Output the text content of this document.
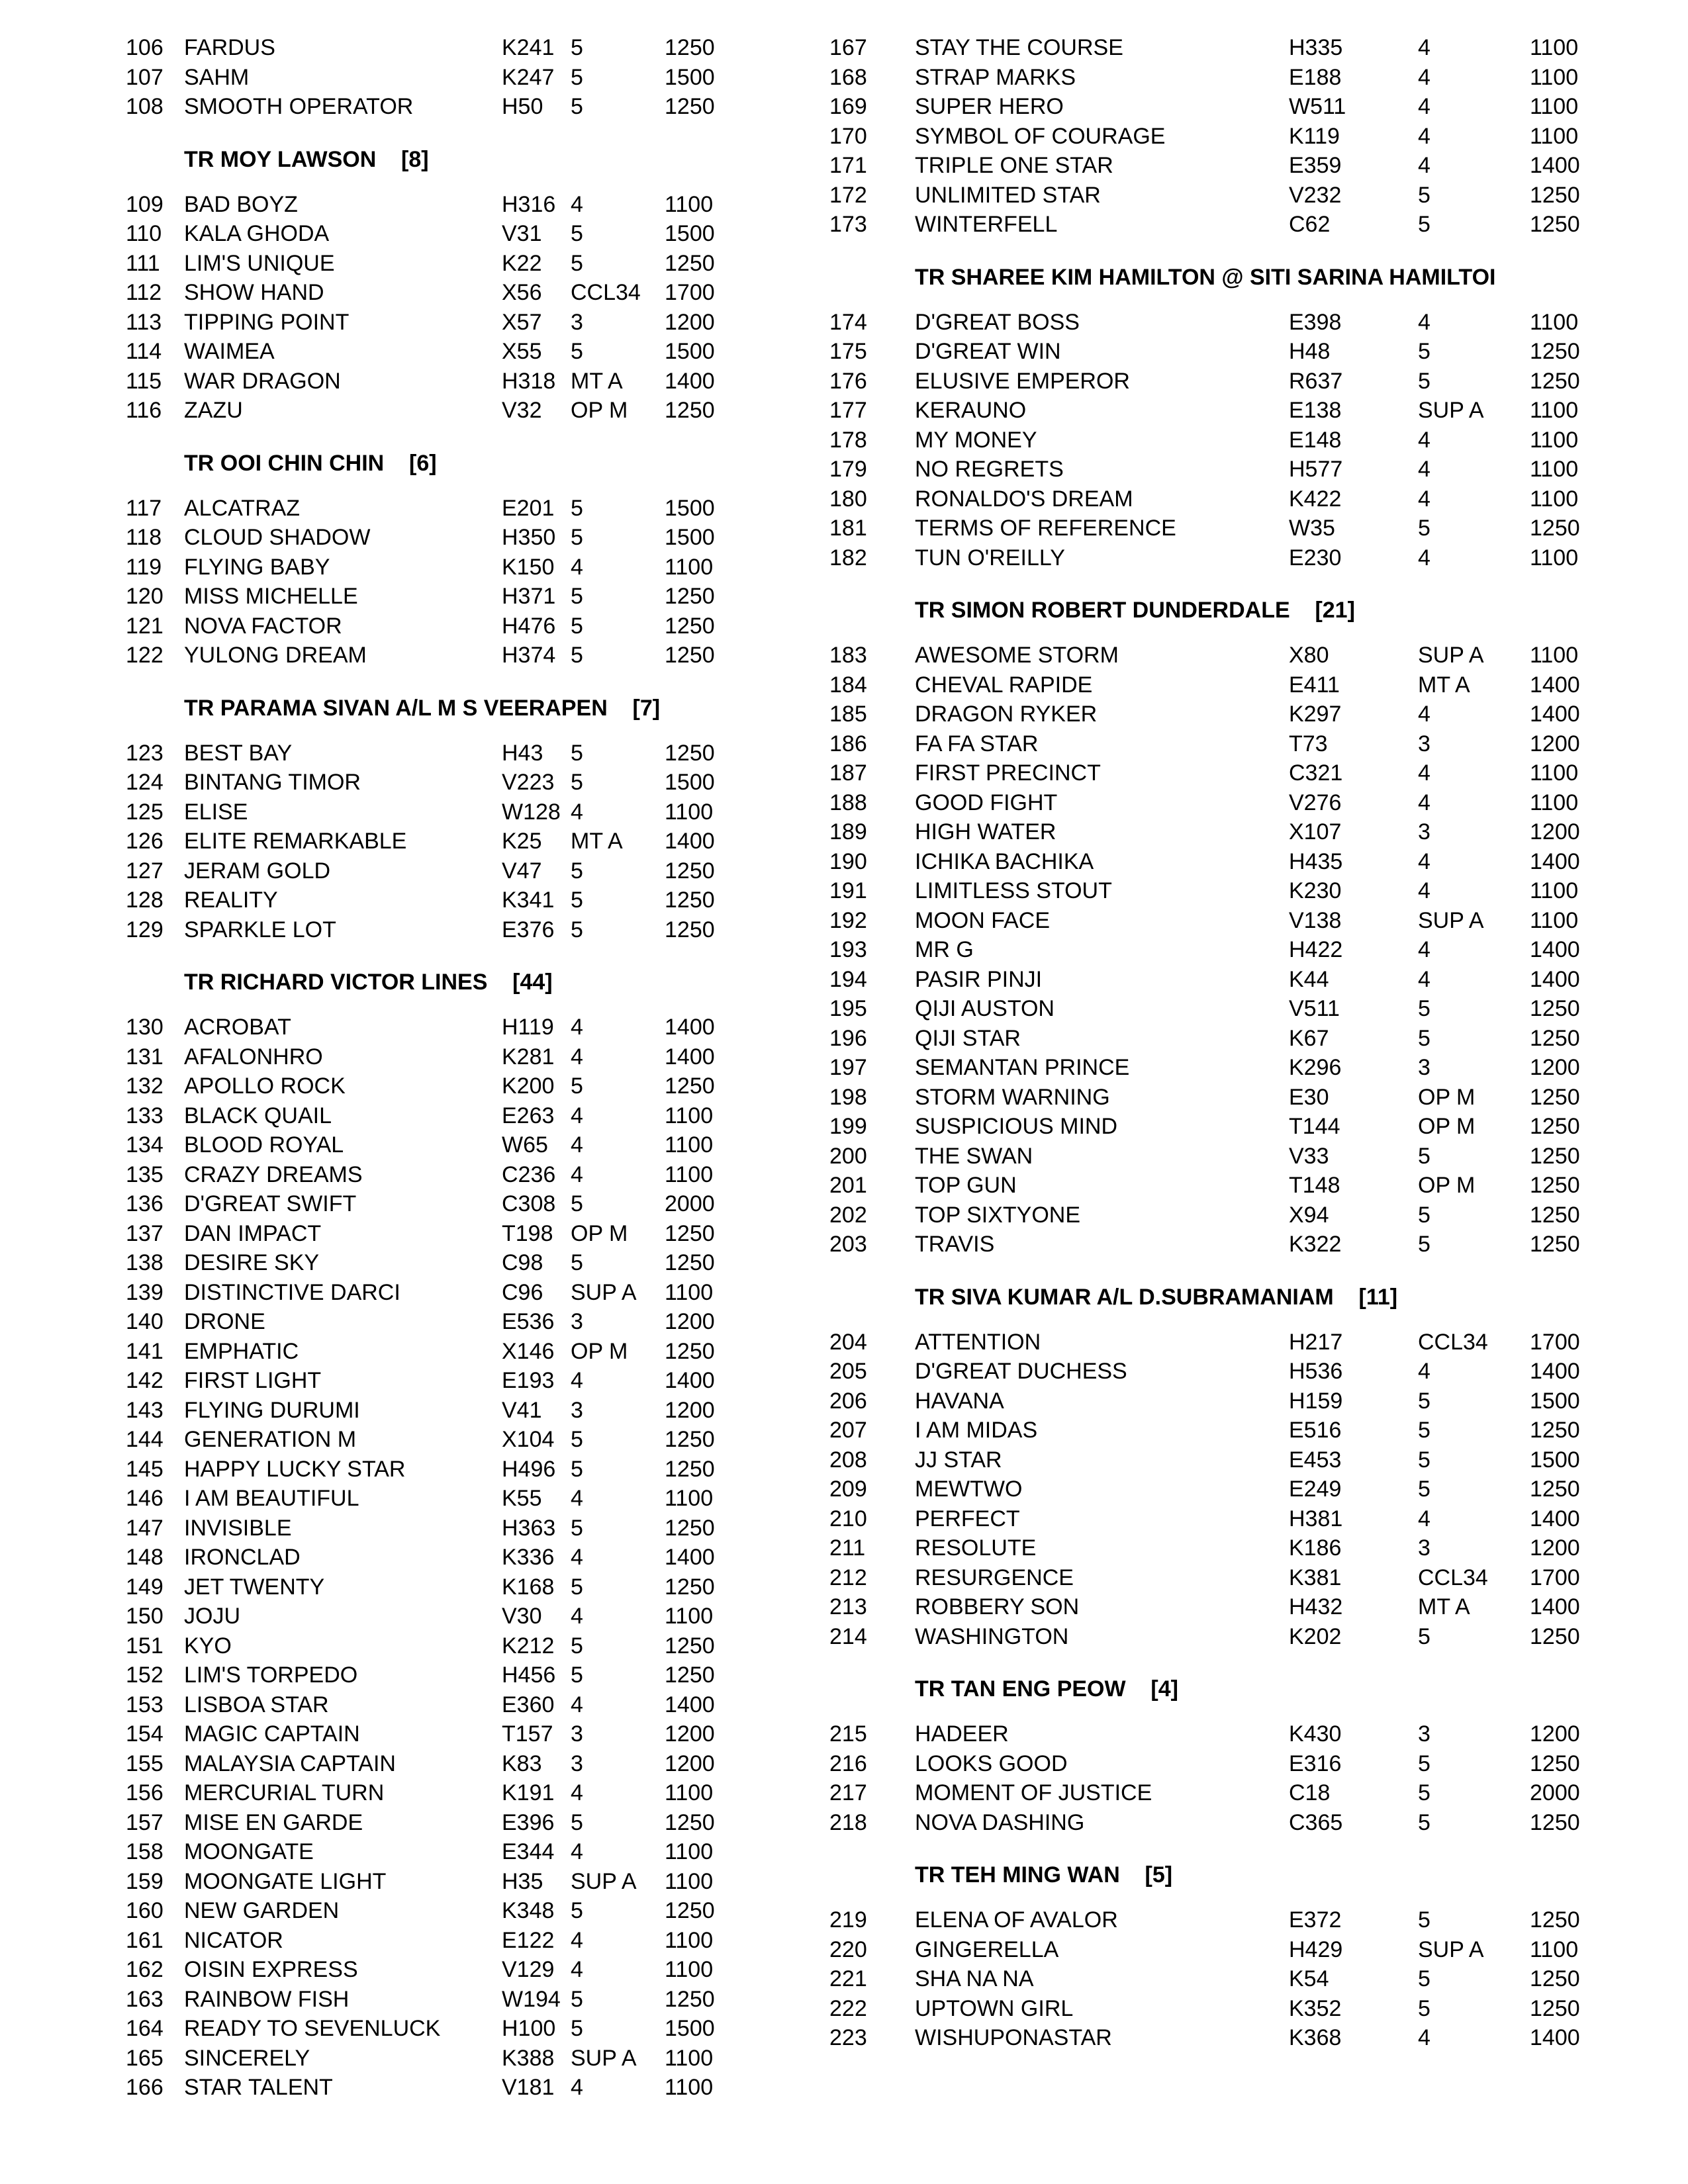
106 FARDUS	K241 5	1250
107 SAHM	K247 5	1500
108 SMOOTH OPERATOR	H50 5	1250
TR MOY LAWSON    [8]
109 BAD BOYZ	H316 4	1100
110 KALA GHODA	V31 5	1500
111 LIM'S UNIQUE	K22 5	1250
112 SHOW HAND	X56 CCL34 1700
113 TIPPING POINT	X57 3	1200
114 WAIMEA	X55 5	1500
115 WAR DRAGON	H318 MT A 1400
116 ZAZU	V32 OP M 1250
TR OOI CHIN CHIN    [6]
117 ALCATRAZ	E201 5	1500
118 CLOUD SHADOW	H350 5	1500
119 FLYING BABY	K150 4	1100
120 MISS MICHELLE	H371 5	1250
121 NOVA FACTOR	H476 5	1250
122 YULONG DREAM	H374 5	1250
TR PARAMA SIVAN A/L M S VEERAPEN    [7]
123 BEST BAY	H43 5	1250
124 BINTANG TIMOR	V223 5	1500
125 ELISE	W128 4	1100
126 ELITE REMARKABLE	K25 MT A 1400
127 JERAM GOLD	V47 5	1250
128 REALITY	K341 5	1250
129 SPARKLE LOT	E376 5	1250
TR RICHARD VICTOR LINES    [44]
130 ACROBAT	H119 4	1400
131 AFALONHRO	K281 4	1400
132 APOLLO ROCK	K200 5	1250
133 BLACK QUAIL	E263 4	1100
134 BLOOD ROYAL	W65 4	1100
135 CRAZY DREAMS	C236 4	1100
136 D'GREAT SWIFT	C308 5	2000
137 DAN IMPACT	T198 OP M 1250
138 DESIRE SKY	C98 5	1250
139 DISTINCTIVE DARCI	C96 SUP A 1100
140 DRONE	E536 3	1200
141 EMPHATIC	X146 OP M 1250
142 FIRST LIGHT	E193 4	1400
143 FLYING DURUMI	V41 3	1200
144 GENERATION M	X104 5	1250
145 HAPPY LUCKY STAR	H496 5	1250
146 I AM BEAUTIFUL	K55 4	1100
147 INVISIBLE	H363 5	1250
148 IRONCLAD	K336 4	1400
149 JET TWENTY	K168 5	1250
150 JOJU	V30 4	1100
151 KYO	K212 5	1250
152 LIM'S TORPEDO	H456 5	1250
153 LISBOA STAR	E360 4	1400
154 MAGIC CAPTAIN	T157 3	1200
155 MALAYSIA CAPTAIN	K83 3	1200
156 MERCURIAL TURN	K191 4	1100
157 MISE EN GARDE	E396 5	1250
158 MOONGATE	E344 4	1100
159 MOONGATE LIGHT	H35 SUP A 1100
160 NEW GARDEN	K348 5	1250
161 NICATOR	E122 4	1100
162 OISIN EXPRESS	V129 4	1100
163 RAINBOW FISH	W194 5	1250
164 READY TO SEVENLUCK	H100 5	1500
165 SINCERELY	K388 SUP A 1100
166 STAR TALENT	V181 4	1100
167 STAY THE COURSE	H335	4	1100
168 STRAP MARKS	E188	4	1100
169 SUPER HERO	W511	4	1100
170 SYMBOL OF COURAGE	K119	4	1100
171 TRIPLE ONE STAR	E359	4	1400
172 UNLIMITED STAR	V232	5	1250
173 WINTERFELL	C62	5	1250
TR SHAREE KIM HAMILTON @ SITI SARINA HAMILTOI
174 D'GREAT BOSS	E398	4	1100
175 D'GREAT WIN	H48	5	1250
176 ELUSIVE EMPEROR	R637	5	1250
177 KERAUNO	E138	SUP A 1100
178 MY MONEY	E148	4	1100
179 NO REGRETS	H577	4	1100
180 RONALDO'S DREAM	K422	4	1100
181 TERMS OF REFERENCE	W35	5	1250
182 TUN O'REILLY	E230	4	1100
TR SIMON ROBERT DUNDERDALE    [21]
183 AWESOME STORM	X80	SUP A 1100
184 CHEVAL RAPIDE	E411	MT A	1400
185 DRAGON RYKER	K297	4	1400
186 FA FA STAR	T73	3	1200
187 FIRST PRECINCT	C321	4	1100
188 GOOD FIGHT	V276	4	1100
189 HIGH WATER	X107	3	1200
190 ICHIKA BACHIKA	H435	4	1400
191 LIMITLESS STOUT	K230	4	1100
192 MOON FACE	V138	SUP A 1100
193 MR G	H422	4	1400
194 PASIR PINJI	K44	4	1400
195 QIJI AUSTON	V511	5	1250
196 QIJI STAR	K67	5	1250
197 SEMANTAN PRINCE	K296	3	1200
198 STORM WARNING	E30	OP M 1250
199 SUSPICIOUS MIND	T144	OP M 1250
200 THE SWAN	V33	5	1250
201 TOP GUN	T148	OP M 1250
202 TOP SIXTYONE	X94	5	1250
203 TRAVIS	K322	5	1250
TR SIVA KUMAR A/L D.SUBRAMANIAM    [11]
204 ATTENTION	H217	CCL34 1700
205 D'GREAT DUCHESS	H536	4	1400
206 HAVANA	H159	5	1500
207 I AM MIDAS	E516	5	1250
208 JJ STAR	E453	5	1500
209 MEWTWO	E249	5	1250
210 PERFECT	H381	4	1400
211 RESOLUTE	K186	3	1200
212 RESURGENCE	K381	CCL34 1700
213 ROBBERY SON	H432	MT A	1400
214 WASHINGTON	K202	5	1250
TR TAN ENG PEOW    [4]
215 HADEER	K430	3	1200
216 LOOKS GOOD	E316	5	1250
217 MOMENT OF JUSTICE	C18	5	2000
218 NOVA DASHING	C365	5	1250
TR TEH MING WAN    [5]
219 ELENA OF AVALOR	E372	5	1250
220 GINGERELLA	H429	SUP A 1100
221 SHA NA NA	K54	5	1250
222 UPTOWN GIRL	K352	5	1250
223 WISHUPONASTAR	K368	4	1400
